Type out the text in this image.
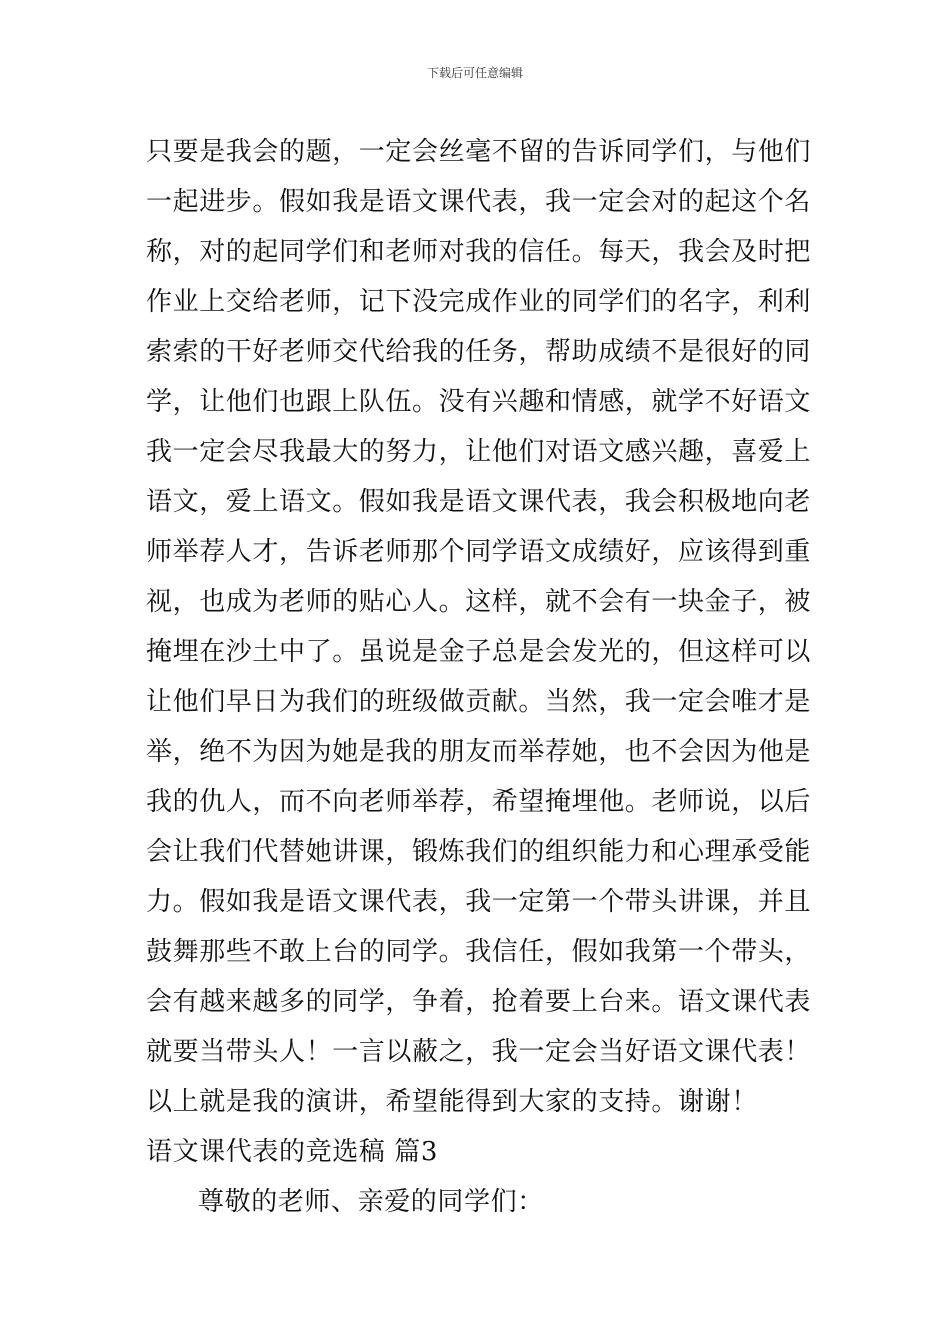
下载后可任意编辑
只要是我会的题，一定会丝毫不留的告诉同学们，与他们
一起进步。假如我是语文课代表，我一定会对的起这个名
称，对的起同学们和老师对我的信任。每天，我会及时把
作业上交给老师，记下没完成作业的同学们的名字，利利
索索的干好老师交代给我的任务，帮助成绩不是很好的同
学，让他们也跟上队伍。没有兴趣和情感，就学不好语文
我一定会尽我最大的努力，让他们对语文感兴趣，喜爱上
语文，爱上语文。假如我是语文课代表，我会积极地向老
师举荐人才，告诉老师那个同学语文成绩好，应该得到重
视，也成为老师的贴心人。这样，就不会有一块金子，被
掩埋在沙土中了。虽说是金子总是会发光的，但这样可以
让他们早日为我们的班级做贡献。当然，我一定会唯才是
举，绝不为因为她是我的朋友而举荐她，也不会因为他是
我的仇人，而不向老师举荐，希望掩埋他。老师说，以后
会让我们代替她讲课，锻炼我们的组织能力和心理承受能
力。假如我是语文课代表，我一定第一个带头讲课，并且
鼓舞那些不敢上台的同学。我信任，假如我第一个带头，
会有越来越多的同学，争着，抢着要上台来。语文课代表
就要当带头人！一言以蔽之，我一定会当好语文课代表！
以上就是我的演讲，希望能得到大家的支持。谢谢！
语文课代表的竞选稿 篇3
尊敬的老师、亲爱的同学们：
